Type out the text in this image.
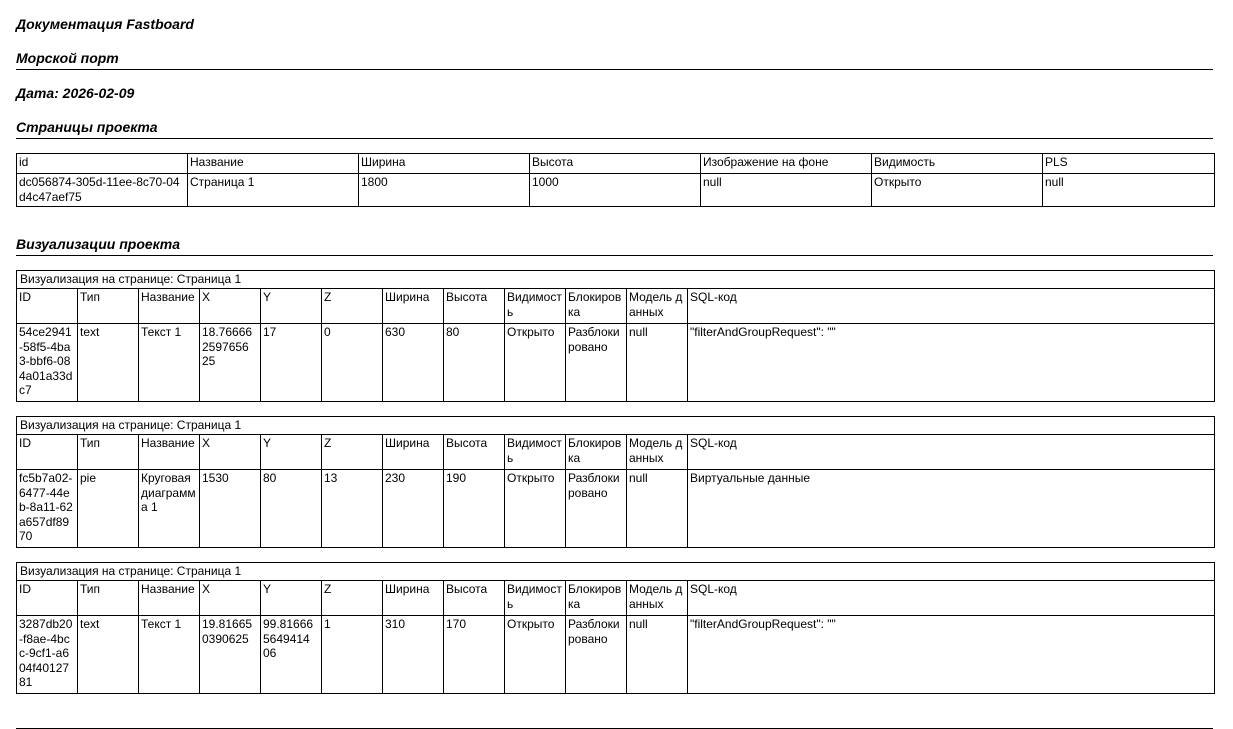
Документация Fastboard

Морской порт

Дата: 2026-02-09

Страницы проекта

id	Название	Ширина	Высота	Изображение на фоне	Видимость	PLS
dc056874-305d-11ee-8c70-04d4c47aef75	Страница 1	1800	1000	null	Открыто	null

Визуализации проекта

Визуализация на странице: Страница 1											
ID	Тип	Название	X	Y	Z	Ширина	Высота	Видимость	Блокировка	Модель данных	SQL-код
54ce2941-58f5-4ba3-bbf6-084a01a33dc7	text	Текст 1	18.766662597656 25	17	0	630	80	Открыто	Разблокировано	null	"filterAndGroupRequest": ""
Визуализация на странице: Страница 1											
ID	Тип	Название	X	Y	Z	Ширина	Высота	Видимость	Блокировка	Модель данных	SQL-код
fc5b7a02-6477-44eb-8a11-62a657df8970	pie	Круговая диаграмма 1	1530	80	13	230	190	Открыто	Разблокировано	null	Виртуальные данные
Визуализация на странице: Страница 1											
ID	Тип	Название	X	Y	Z	Ширина	Высота	Видимость	Блокировка	Модель данных	SQL-код
3287db20-f8ae-4bcc-9cf1-a604f4012781	text	Текст 1	19.816650390625	99.816665649414 06	1	310	170	Открыто	Разблокировано	null	"filterAndGroupRequest": ""
